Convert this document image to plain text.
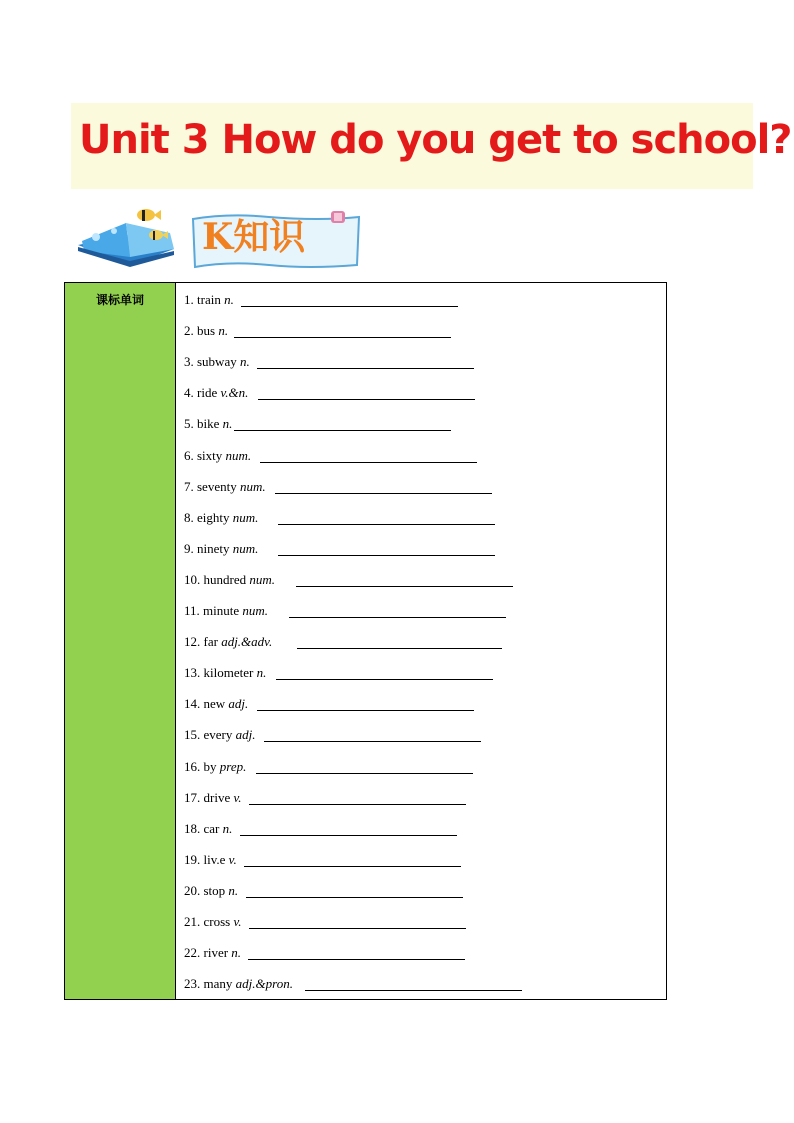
Unit 3 How do you get to school?
K知识
课标单词	1. train n.
2. bus n.
3. subway n.
4. ride v.&n.
5. bike n.
6. sixty num.
7. seventy num.
8. eighty num.
9. ninety num.
10. hundred num.
11. minute num.
12. far adj.&adv.
13. kilometer n.
14. new adj.
15. every adj.
16. by prep.
17. drive v.
18. car n.
19. liv.e v.
20. stop n.
21. cross v.
22. river n.
23. many adj.&pron.
